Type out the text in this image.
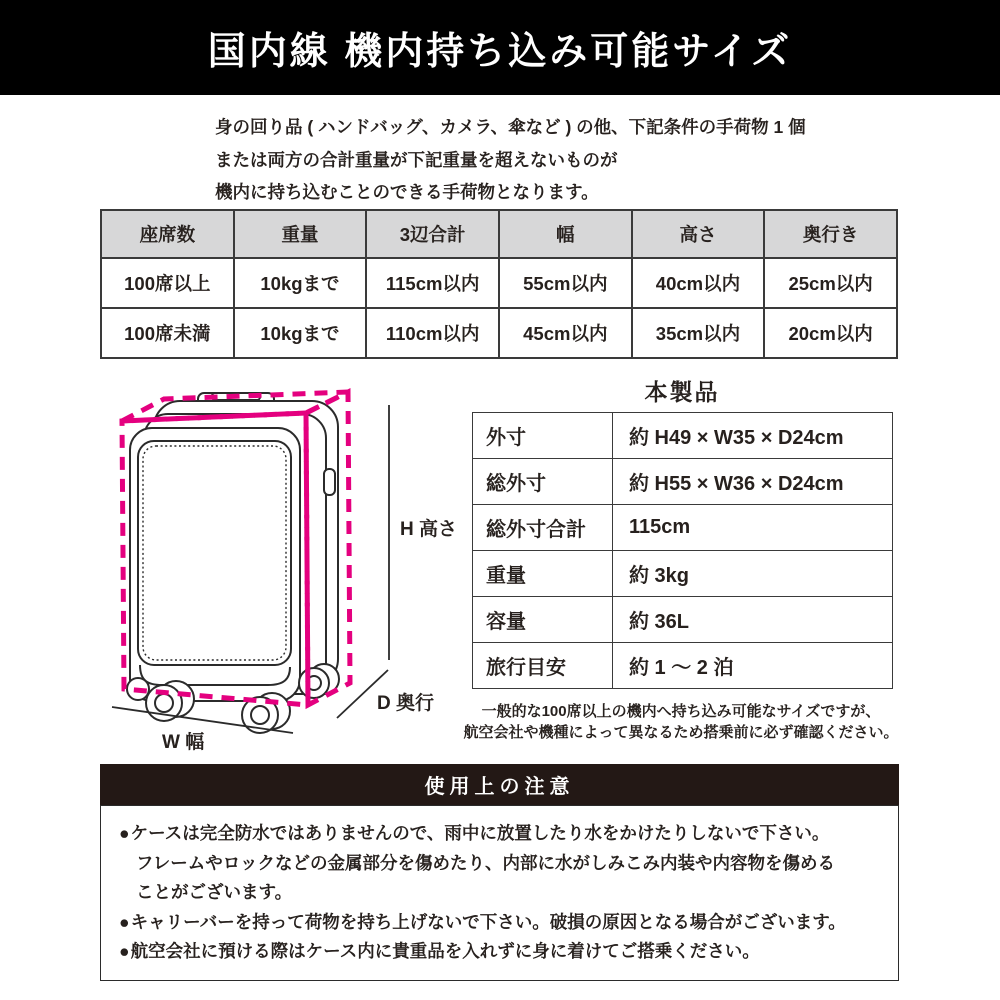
国内線 機内持ち込み可能サイズ

身の回り品 ( ハンドバッグ、カメラ、傘など ) の他、下記条件の手荷物 1 個

または両方の合計重量が下記重量を超えないものが

機内に持ち込むことのできる手荷物となります。

座席数	重量	3辺合計	幅	高さ	奥行き
100席以上	10kgまで	115cm以内	55cm以内	40cm以内	25cm以内
100席未満	10kgまで	110cm以内	45cm以内	35cm以内	20cm以内
H 高さ
D 奥行
W 幅
本製品
外寸	約 H49 × W35 × D24cm
総外寸	約 H55 × W36 × D24cm
総外寸合計	115cm
重量	約 3kg
容量	約 36L
旅行目安	約 1 〜 2 泊

一般的な100席以上の機内へ持ち込み可能なサイズですが、

航空会社や機種によって異なるため搭乗前に必ず確認ください。

使用上の注意

●ケースは完全防水ではありませんので、雨中に放置したり水をかけたりしないで下さい。

フレームやロックなどの金属部分を傷めたり、内部に水がしみこみ内装や内容物を傷める

ことがございます。

●キャリーバーを持って荷物を持ち上げないで下さい。破損の原因となる場合がございます。

●航空会社に預ける際はケース内に貴重品を入れずに身に着けてご搭乗ください。
